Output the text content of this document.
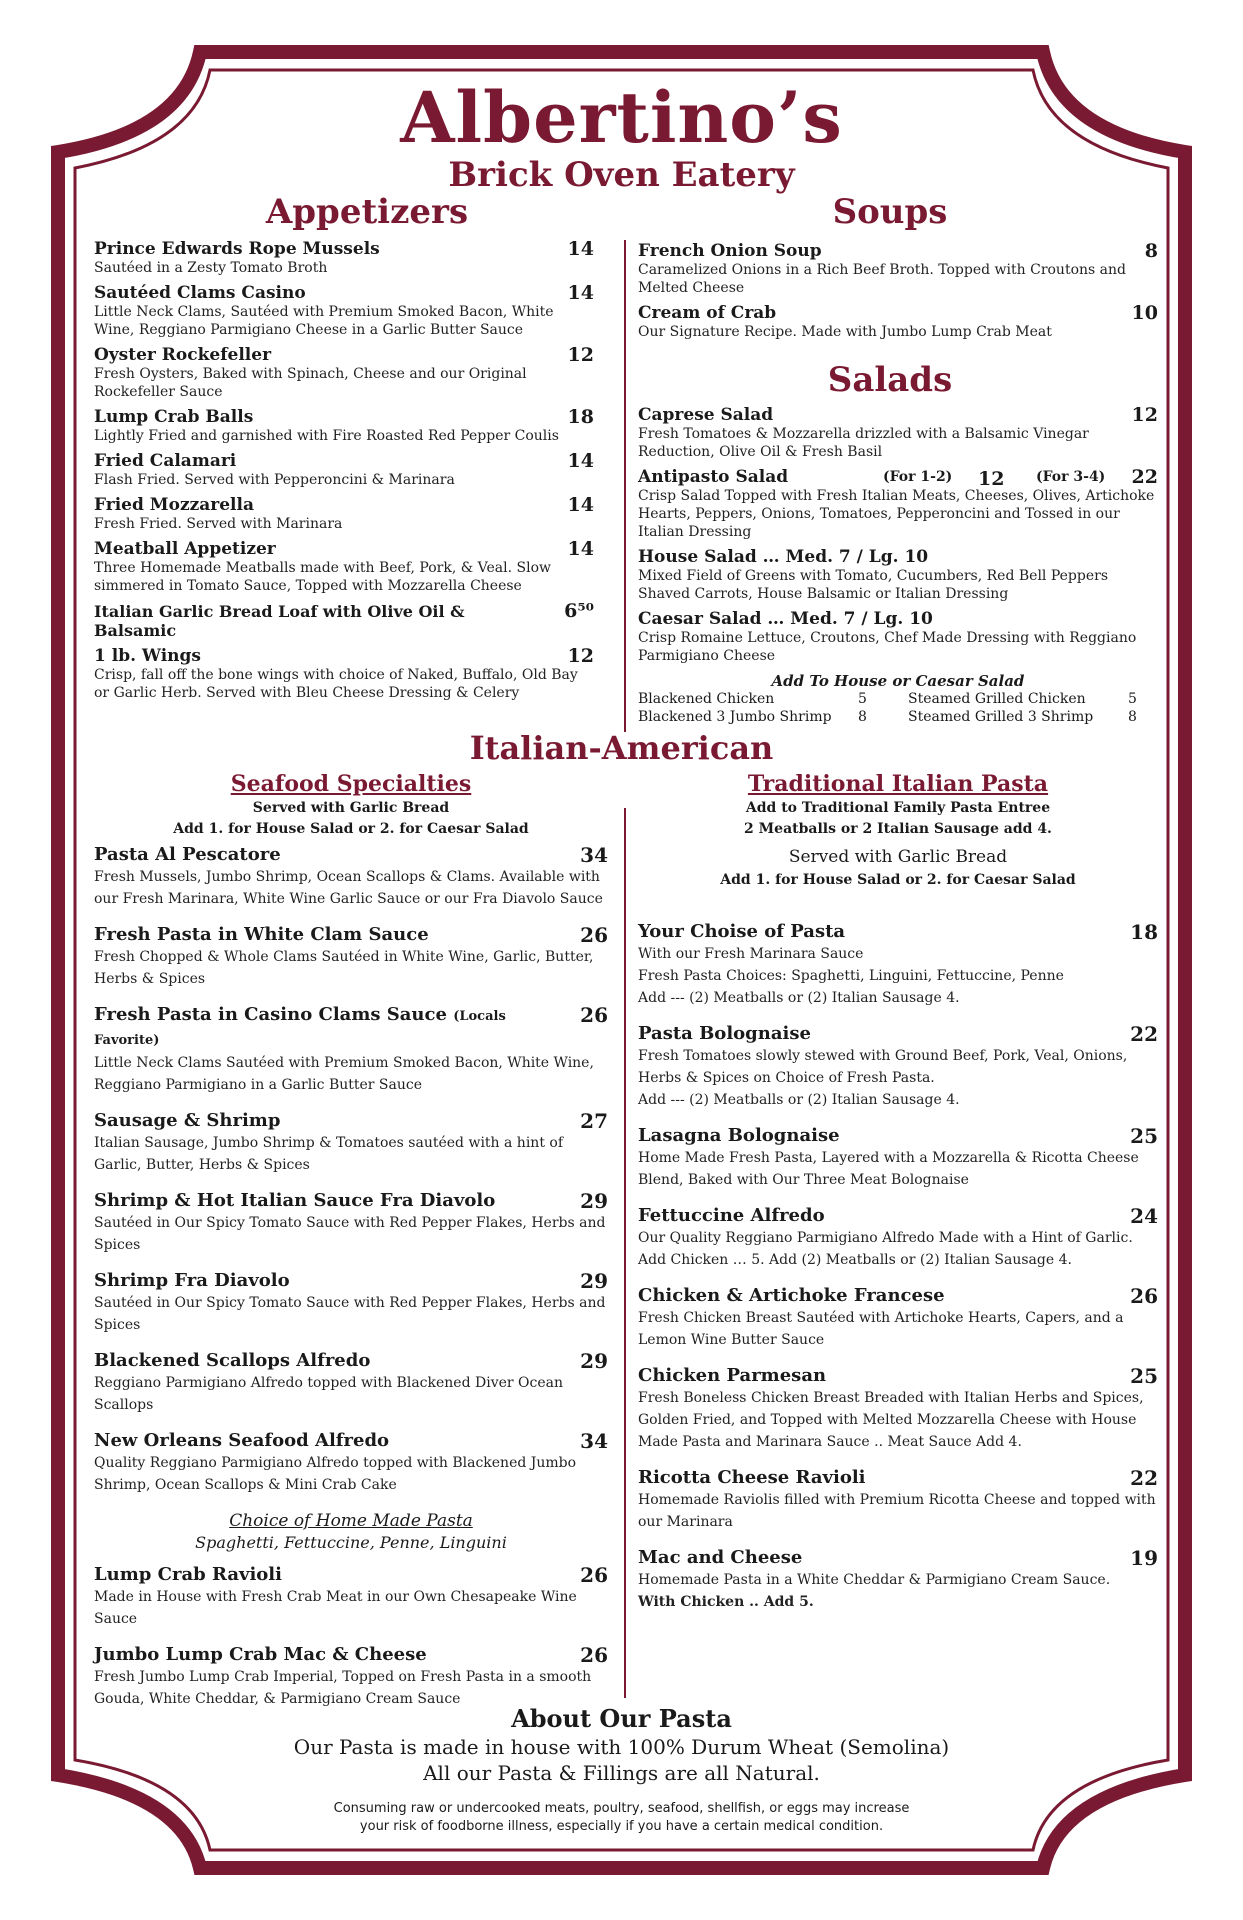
Albertino’s
Brick Oven Eatery
Appetizers
Prince Edwards Rope Mussels	14
Sautéed in a Zesty Tomato Broth
Sautéed Clams Casino	14
Little Neck Clams, Sautéed with Premium Smoked Bacon, White Wine, Reggiano Parmigiano Cheese in a Garlic Butter Sauce
Oyster Rockefeller	12
Fresh Oysters, Baked with Spinach, Cheese and our Original Rockefeller Sauce
Lump Crab Balls	18
Lightly Fried and garnished with Fire Roasted Red Pepper Coulis
Fried Calamari	14
Flash Fried. Served with Pepperoncini & Marinara
Fried Mozzarella	14
Fresh Fried. Served with Marinara
Meatball Appetizer	14
Three Homemade Meatballs made with Beef, Pork, & Veal. Slow simmered in Tomato Sauce, Topped with Mozzarella Cheese
Italian Garlic Bread Loaf with Olive Oil & Balsamic
6⁵⁰
1 lb. Wings	12
Crisp, fall off the bone wings with choice of Naked, Buffalo, Old Bay or Garlic Herb. Served with Bleu Cheese Dressing & Celery
Soups
French Onion Soup	8
Caramelized Onions in a Rich Beef Broth. Topped with Croutons and Melted Cheese
Cream of Crab	10
Our Signature Recipe. Made with Jumbo Lump Crab Meat
Salads
Caprese Salad	12
Fresh Tomatoes & Mozzarella drizzled with a Balsamic Vinegar Reduction, Olive Oil & Fresh Basil
Antipasto Salad	(For 1-2) 12 (For 3-4) 22
Crisp Salad Topped with Fresh Italian Meats, Cheeses, Olives, Artichoke Hearts, Peppers, Onions, Tomatoes, Pepperoncini and Tossed in our Italian Dressing
House Salad … Med. 7 / Lg. 10
Mixed Field of Greens with Tomato, Cucumbers, Red Bell Peppers Shaved Carrots, House Balsamic or Italian Dressing
Caesar Salad … Med. 7 / Lg. 10
Crisp Romaine Lettuce, Croutons, Chef Made Dressing with Reggiano Parmigiano Cheese
Add To House or Caesar Salad
Blackened Chicken	5	Steamed Grilled Chicken	5
Blackened 3 Jumbo Shrimp	8	Steamed Grilled 3 Shrimp	8
Italian-American
Seafood Specialties
Served with Garlic Bread
Add 1. for House Salad or 2. for Caesar Salad
Pasta Al Pescatore	34
Fresh Mussels, Jumbo Shrimp, Ocean Scallops & Clams. Available with our Fresh Marinara, White Wine Garlic Sauce or our Fra Diavolo Sauce
Fresh Pasta in White Clam Sauce	26
Fresh Chopped & Whole Clams Sautéed in White Wine, Garlic, Butter, Herbs & Spices
Fresh Pasta in Casino Clams Sauce (Locals Favorite)
26
Little Neck Clams Sautéed with Premium Smoked Bacon, White Wine, Reggiano Parmigiano in a Garlic Butter Sauce
Sausage & Shrimp	27
Italian Sausage, Jumbo Shrimp & Tomatoes sautéed with a hint of Garlic, Butter, Herbs & Spices
Shrimp & Hot Italian Sauce Fra Diavolo	29
Sautéed in Our Spicy Tomato Sauce with Red Pepper Flakes, Herbs and Spices
Shrimp Fra Diavolo	29
Sautéed in Our Spicy Tomato Sauce with Red Pepper Flakes, Herbs and Spices
Blackened Scallops Alfredo	29
Reggiano Parmigiano Alfredo topped with Blackened Diver Ocean Scallops
New Orleans Seafood Alfredo	34
Quality Reggiano Parmigiano Alfredo topped with Blackened Jumbo Shrimp, Ocean Scallops & Mini Crab Cake
Choice of Home Made Pasta
Spaghetti, Fettuccine, Penne, Linguini
Lump Crab Ravioli	26
Made in House with Fresh Crab Meat in our Own Chesapeake Wine Sauce
Jumbo Lump Crab Mac & Cheese	26
Fresh Jumbo Lump Crab Imperial, Topped on Fresh Pasta in a smooth Gouda, White Cheddar, & Parmigiano Cream Sauce
Traditional Italian Pasta
Add to Traditional Family Pasta Entree
2 Meatballs or 2 Italian Sausage add 4.
Served with Garlic Bread
Add 1. for House Salad or 2. for Caesar Salad
Your Choise of Pasta	18
With our Fresh Marinara Sauce
Fresh Pasta Choices: Spaghetti, Linguini, Fettuccine, Penne
Add --- (2) Meatballs or (2) Italian Sausage 4.
Pasta Bolognaise	22
Fresh Tomatoes slowly stewed with Ground Beef, Pork, Veal, Onions, Herbs & Spices on Choice of Fresh Pasta.
Add --- (2) Meatballs or (2) Italian Sausage 4.
Lasagna Bolognaise	25
Home Made Fresh Pasta, Layered with a Mozzarella & Ricotta Cheese Blend, Baked with Our Three Meat Bolognaise
Fettuccine Alfredo	24
Our Quality Reggiano Parmigiano Alfredo Made with a Hint of Garlic. Add Chicken … 5. Add (2) Meatballs or (2) Italian Sausage 4.
Chicken & Artichoke Francese	26
Fresh Chicken Breast Sautéed with Artichoke Hearts, Capers, and a Lemon Wine Butter Sauce
Chicken Parmesan	25
Fresh Boneless Chicken Breast Breaded with Italian Herbs and Spices, Golden Fried, and Topped with Melted Mozzarella Cheese with House Made Pasta and Marinara Sauce .. Meat Sauce Add 4.
Ricotta Cheese Ravioli	22
Homemade Raviolis filled with Premium Ricotta Cheese and topped with our Marinara
Mac and Cheese	19
Homemade Pasta in a White Cheddar & Parmigiano Cream Sauce.
With Chicken .. Add 5.
About Our Pasta
Our Pasta is made in house with 100% Durum Wheat (Semolina)
All our Pasta & Fillings are all Natural.
Consuming raw or undercooked meats, poultry, seafood, shellfish, or eggs may increase
your risk of foodborne illness, especially if you have a certain medical condition.
